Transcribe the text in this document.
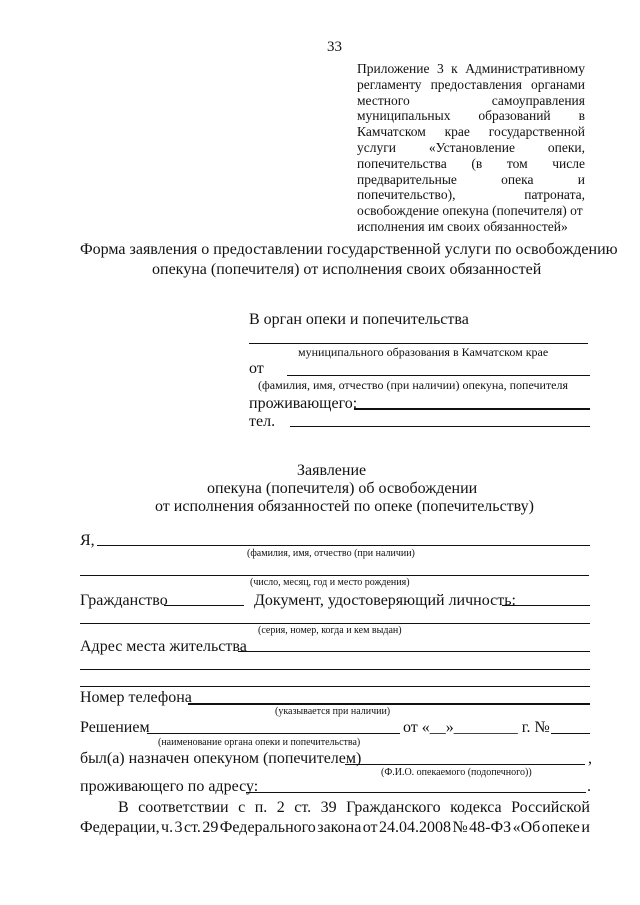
33
Приложение 3 к Административному
регламенту предоставления органами
местного	самоуправления
муниципальных образований в
Камчатском крае государственной
услуги «Установление опеки,
попечительства (в том числе
предварительные	опека	и
попечительство),	патроната,
освобождение опекуна (попечителя) от
исполнения им своих обязанностей»
Форма заявления о предоставлении государственной услуги по освобождению
опекуна (попечителя) от исполнения своих обязанностей
В орган опеки и попечительства
муниципального образования в Камчатском крае
от
(фамилия, имя, отчество (при наличии) опекуна, попечителя
проживающего:
тел.
Заявление
опекуна (попечителя) об освобождении
от исполнения обязанностей по опеке (попечительству)
Я,
(фамилия, имя, отчество (при наличии)
(число, месяц, год и место рождения)
Гражданство	Документ, удостоверяющий личность:
(серия, номер, когда и кем выдан)
Адрес места жительства
Номер телефона
(указывается при наличии)
Решением	от «__»________ г. №
(наименование органа опеки и попечительства)
был(а) назначен опекуном (попечителем)	,
(Ф.И.О. опекаемого (подопечного))
проживающего по адресу:	.
В соответствии с п. 2 ст. 39 Гражданского кодекса Российской
Федерации, ч. 3 ст. 29 Федерального закона от 24.04.2008 № 48-ФЗ «Об опеке и
